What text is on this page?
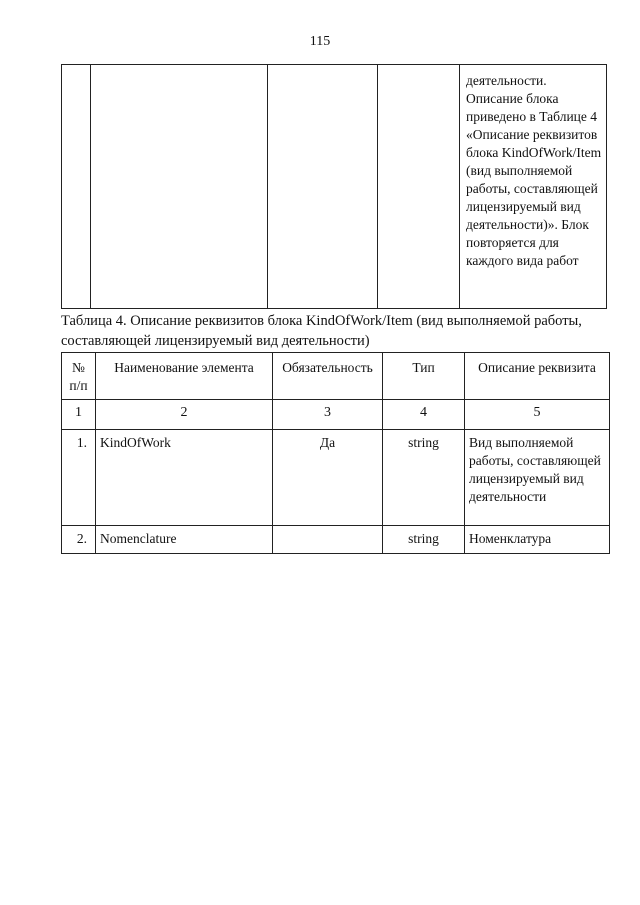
115
				деятельности. Описание блока приведено в Таблице 4 «Описание реквизитов блока KindOfWork/Item (вид выполняемой работы, составляющей лицензируемый вид деятельности)». Блок повторяется для каждого вида работ
Таблица 4. Описание реквизитов блока KindOfWork/Item (вид выполняемой работы, составляющей лицензируемый вид деятельности)
№ п/п	Наименование элемента	Обязательность	Тип	Описание реквизита
1	2	3	4	5
1.	KindOfWork	Да	string	Вид выполняемой работы, составляющей лицензируемый вид деятельности
2.	Nomenclature		string	Номенклатура
